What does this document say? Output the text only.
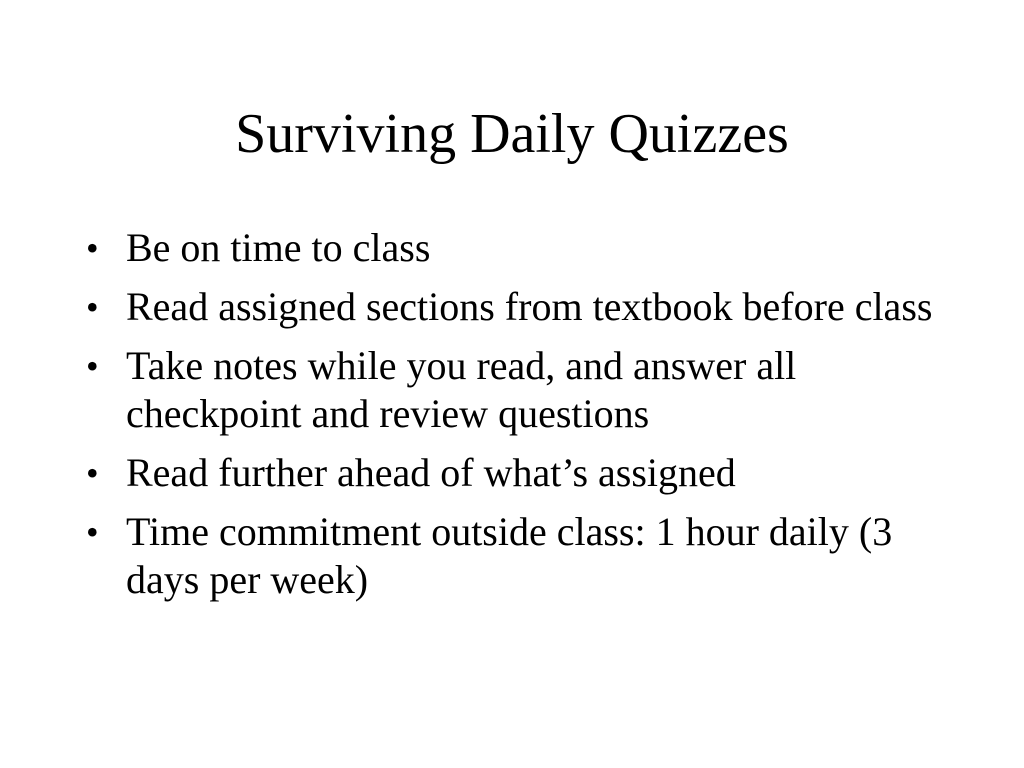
Surviving Daily Quizzes
• Be on time to class
• Read assigned sections from textbook before class
• Take notes while you read, and answer all checkpoint and review questions
• Read further ahead of what’s assigned
• Time commitment outside class: 1 hour daily (3 days per week)
